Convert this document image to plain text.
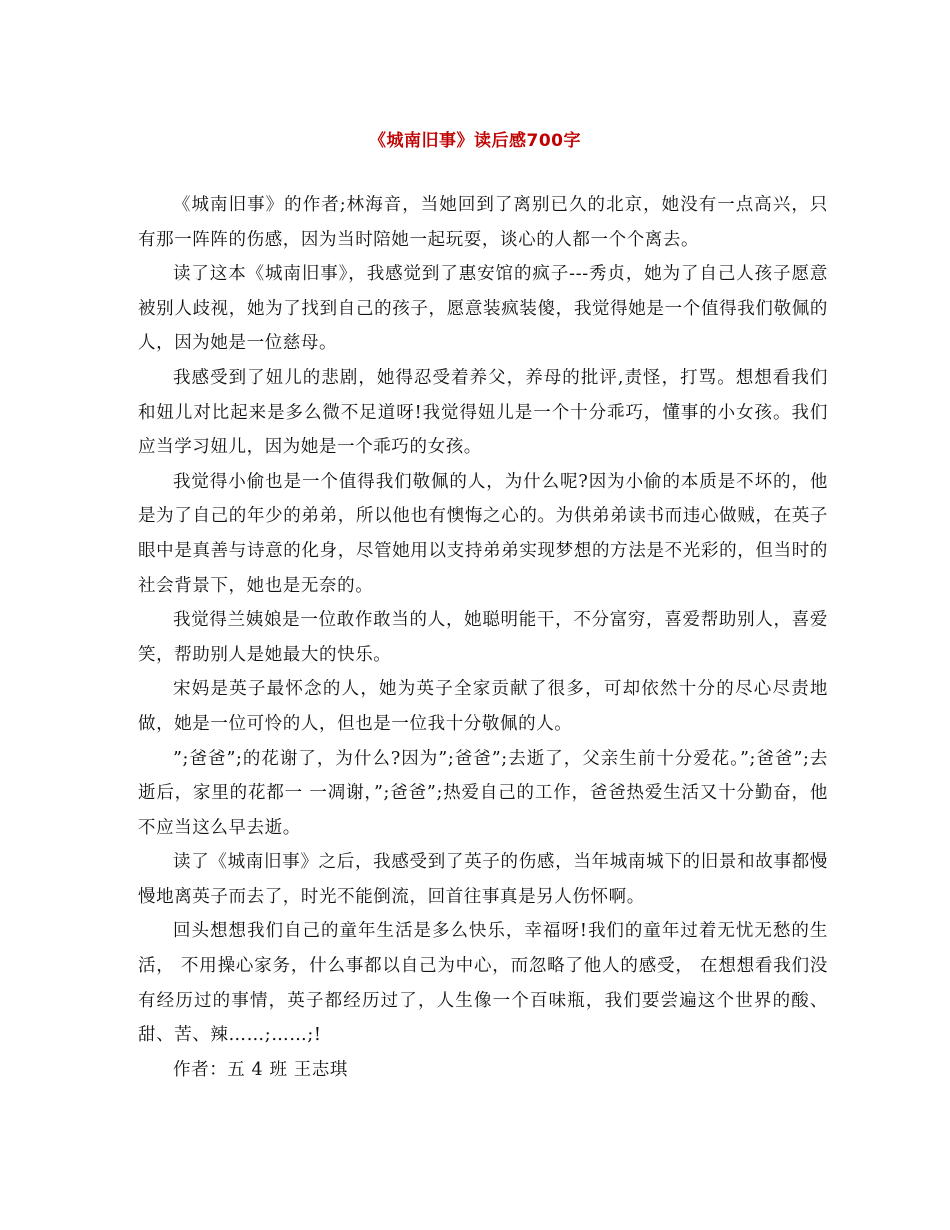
《城南旧事》读后感700字

《城南旧事》的作者;林海音，当她回到了离别已久的北京，她没有一点高兴，只有那一阵阵的伤感，因为当时陪她一起玩耍，谈心的人都一个个离去。

读了这本《城南旧事》，我感觉到了惠安馆的疯子---秀贞，她为了自己人孩子愿意被别人歧视，她为了找到自己的孩子，愿意装疯装傻，我觉得她是一个值得我们敬佩的人，因为她是一位慈母。

我感受到了妞儿的悲剧，她得忍受着养父，养母的批评,责怪，打骂。想想看我们和妞儿对比起来是多么微不足道呀!我觉得妞儿是一个十分乖巧，懂事的小女孩。我们应当学习妞儿，因为她是一个乖巧的女孩。

我觉得小偷也是一个值得我们敬佩的人，为什么呢?因为小偷的本质是不坏的，他是为了自己的年少的弟弟，所以他也有懊悔之心的。为供弟弟读书而违心做贼，在英子眼中是真善与诗意的化身，尽管她用以支持弟弟实现梦想的方法是不光彩的，但当时的社会背景下，她也是无奈的。

我觉得兰姨娘是一位敢作敢当的人，她聪明能干，不分富穷，喜爱帮助别人，喜爱笑，帮助别人是她最大的快乐。

宋妈是英子最怀念的人，她为英子全家贡献了很多，可却依然十分的尽心尽责地做，她是一位可怜的人，但也是一位我十分敬佩的人。

”;爸爸”;的花谢了，为什么?因为”;爸爸”;去逝了，父亲生前十分爱花。”;爸爸”;去逝后，家里的花都一 一凋谢，”;爸爸”;热爱自己的工作，爸爸热爱生活又十分勤奋，他不应当这么早去逝。

读了《城南旧事》之后，我感受到了英子的伤感，当年城南城下的旧景和故事都慢慢地离英子而去了，时光不能倒流，回首往事真是另人伤怀啊。

回头想想我们自己的童年生活是多么快乐，幸福呀!我们的童年过着无忧无愁的生活， 不用操心家务，什么事都以自己为中心，而忽略了他人的感受， 在想想看我们没有经历过的事情，英子都经历过了，人生像一个百味瓶，我们要尝遍这个世界的酸、甜、苦、辣……;……;!

作者：五 4 班 王志琪
